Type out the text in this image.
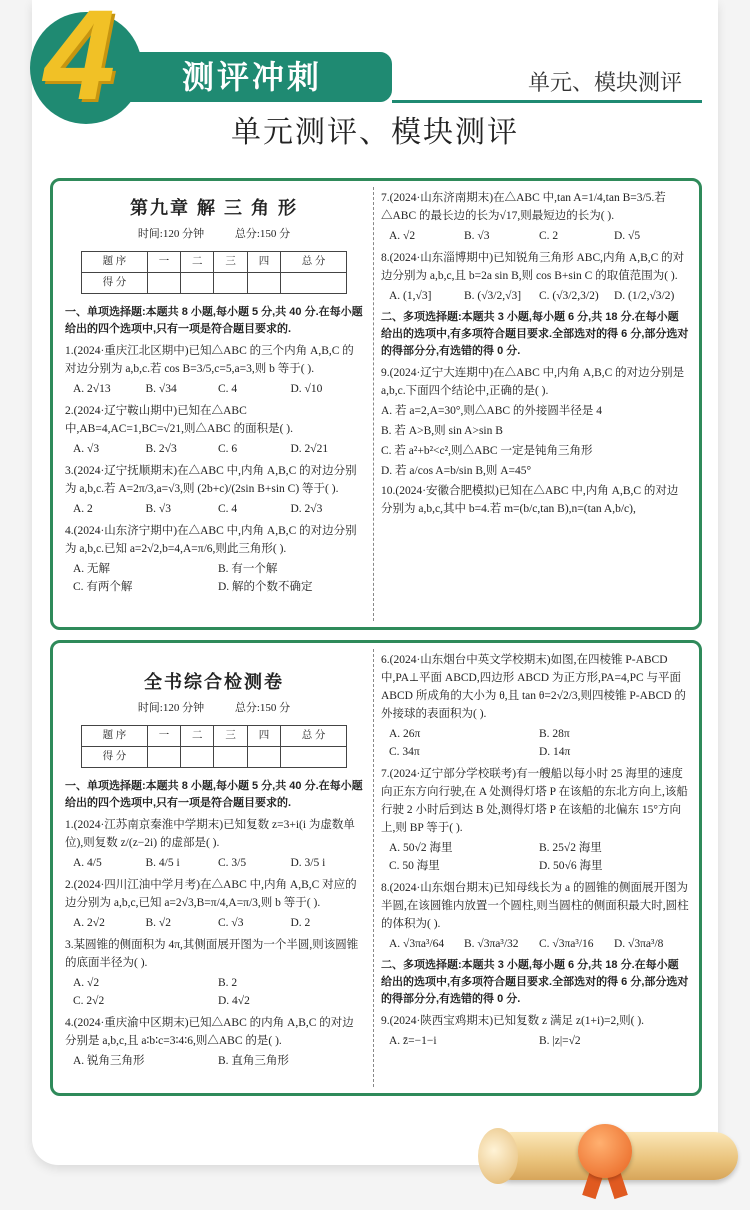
4	测评冲刺	单元、模块测评
单元测评、模块测评
第九章 解 三 角 形
时间:120 分钟	总分:150 分
题 序	一	二	三	四	总 分
得 分					
一、单项选择题:本题共 8 小题,每小题 5 分,共 40 分.在每小题给出的四个选项中,只有一项是符合题目要求的.
1.(2024·重庆江北区期中)已知△ABC 的三个内角 A,B,C 的对边分别为 a,b,c.若 cos B=3/5,c=5,a=3,则 b 等于( ).
A. 2√13	B. √34	C. 4	D. √10
2.(2024·辽宁鞍山期中)已知在△ABC 中,AB=4,AC=1,BC=√21,则△ABC 的面积是( ).
A. √3	B. 2√3	C. 6	D. 2√21
3.(2024·辽宁抚顺期末)在△ABC 中,内角 A,B,C 的对边分别为 a,b,c.若 A=2π/3,a=√3,则 (2b+c)/(2sin B+sin C) 等于( ).
A. 2	B. √3	C. 4	D. 2√3
4.(2024·山东济宁期中)在△ABC 中,内角 A,B,C 的对边分别为 a,b,c.已知 a=2√2,b=4,A=π/6,则此三角形( ).
A. 无解	B. 有一个解
C. 有两个解	D. 解的个数不确定
7.(2024·山东济南期末)在△ABC 中,tan A=1/4,tan B=3/5.若△ABC 的最长边的长为√17,则最短边的长为( ).
A. √2	B. √3	C. 2	D. √5
8.(2024·山东淄博期中)已知锐角三角形 ABC,内角 A,B,C 的对边分别为 a,b,c,且 b=2a sin B,则 cos B+sin C 的取值范围为( ).
A. (1,√3]	B. (√3/2,√3]	C. (√3/2,3/2)	D. (1/2,√3/2)
二、多项选择题:本题共 3 小题,每小题 6 分,共 18 分.在每小题给出的选项中,有多项符合题目要求.全部选对的得 6 分,部分选对的得部分分,有选错的得 0 分.
9.(2024·辽宁大连期中)在△ABC 中,内角 A,B,C 的对边分别是 a,b,c.下面四个结论中,正确的是( ).
A. 若 a=2,A=30°,则△ABC 的外接圆半径是 4
B. 若 A>B,则 sin A>sin B
C. 若 a²+b²<c²,则△ABC 一定是钝角三角形
D. 若 a/cos A=b/sin B,则 A=45°
10.(2024·安徽合肥模拟)已知在△ABC 中,内角 A,B,C 的对边分别为 a,b,c,其中 b=4.若 m=(b/c,tan B),n=(tan A,b/c),
全书综合检测卷
时间:120 分钟	总分:150 分
题 序	一	二	三	四	总 分
得 分					
一、单项选择题:本题共 8 小题,每小题 5 分,共 40 分.在每小题给出的四个选项中,只有一项是符合题目要求的.
1.(2024·江苏南京秦淮中学期末)已知复数 z=3+i(i 为虚数单位),则复数 z/(z−2i) 的虚部是( ).
A. 4/5	B. 4/5 i	C. 3/5	D. 3/5 i
2.(2024·四川江油中学月考)在△ABC 中,内角 A,B,C 对应的边分别为 a,b,c,已知 a=2√3,B=π/4,A=π/3,则 b 等于( ).
A. 2√2	B. √2	C. √3	D. 2
3.某圆锥的侧面积为 4π,其侧面展开图为一个半圆,则该圆锥的底面半径为( ).
A. √2	B. 2
C. 2√2	D. 4√2
4.(2024·重庆渝中区期末)已知△ABC 的内角 A,B,C 的对边分别是 a,b,c,且 a∶b∶c=3∶4∶6,则△ABC 的是( ).
A. 锐角三角形	B. 直角三角形
6.(2024·山东烟台中英文学校期末)如图,在四棱锥 P-ABCD 中,PA⊥平面 ABCD,四边形 ABCD 为正方形,PA=4,PC 与平面 ABCD 所成角的大小为 θ,且 tan θ=2√2/3,则四棱锥 P-ABCD 的外接球的表面积为( ).
A. 26π	B. 28π
C. 34π	D. 14π
7.(2024·辽宁部分学校联考)有一艘船以每小时 25 海里的速度向正东方向行驶,在 A 处测得灯塔 P 在该船的东北方向上,该船行驶 2 小时后到达 B 处,测得灯塔 P 在该船的北偏东 15°方向上,则 BP 等于( ).
A. 50√2 海里	B. 25√2 海里
C. 50 海里	D. 50√6 海里
8.(2024·山东烟台期末)已知母线长为 a 的圆锥的侧面展开图为半圆,在该圆锥内放置一个圆柱,则当圆柱的侧面积最大时,圆柱的体积为( ).
A. √3πa³/64	B. √3πa³/32	C. √3πa³/16	D. √3πa³/8
二、多项选择题:本题共 3 小题,每小题 6 分,共 18 分.在每小题给出的选项中,有多项符合题目要求.全部选对的得 6 分,部分选对的得部分分,有选错的得 0 分.
9.(2024·陕西宝鸡期末)已知复数 z 满足 z(1+i)=2,则( ).
A. z̄=−1−i	B. |z|=√2
